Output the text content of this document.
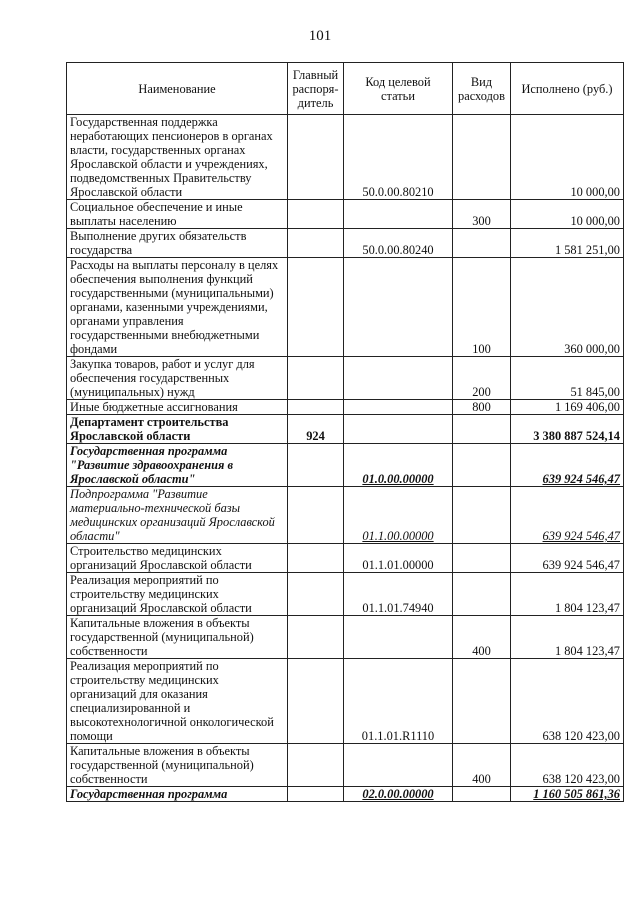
101
Наименование	Главный распоря-дитель	Код целевой статьи	Вид расходов	Исполнено (руб.)
Государственная поддержка неработающих пенсионеров в органах власти, государственных органах Ярославской области и учреждениях, подведомственных Правительству Ярославской области		50.0.00.80210		10 000,00
Социальное обеспечение и иные выплаты населению			300	10 000,00
Выполнение других обязательств государства		50.0.00.80240		1 581 251,00
Расходы на выплаты персоналу в целях обеспечения выполнения функций государственными (муниципальными) органами, казенными учреждениями, органами управления государственными внебюджетными фондами			100	360 000,00
Закупка товаров, работ и услуг для обеспечения государственных (муниципальных) нужд			200	51 845,00
Иные бюджетные ассигнования			800	1 169 406,00
Департамент строительства Ярославской области	924			3 380 887 524,14
Государственная программа "Развитие здравоохранения в Ярославской области"		01.0.00.00000		639 924 546,47
Подпрограмма "Развитие материально-технической базы медицинских организаций Ярославской области"		01.1.00.00000		639 924 546,47
Строительство медицинских организаций Ярославской области		01.1.01.00000		639 924 546,47
Реализация мероприятий по строительству медицинских организаций Ярославской области		01.1.01.74940		1 804 123,47
Капитальные вложения в объекты государственной (муниципальной) собственности			400	1 804 123,47
Реализация мероприятий по строительству медицинских организаций для оказания специализированной и высокотехнологичной онкологической помощи		01.1.01.R1110		638 120 423,00
Капитальные вложения в объекты государственной (муниципальной) собственности			400	638 120 423,00
Государственная программа		02.0.00.00000		1 160 505 861,36
